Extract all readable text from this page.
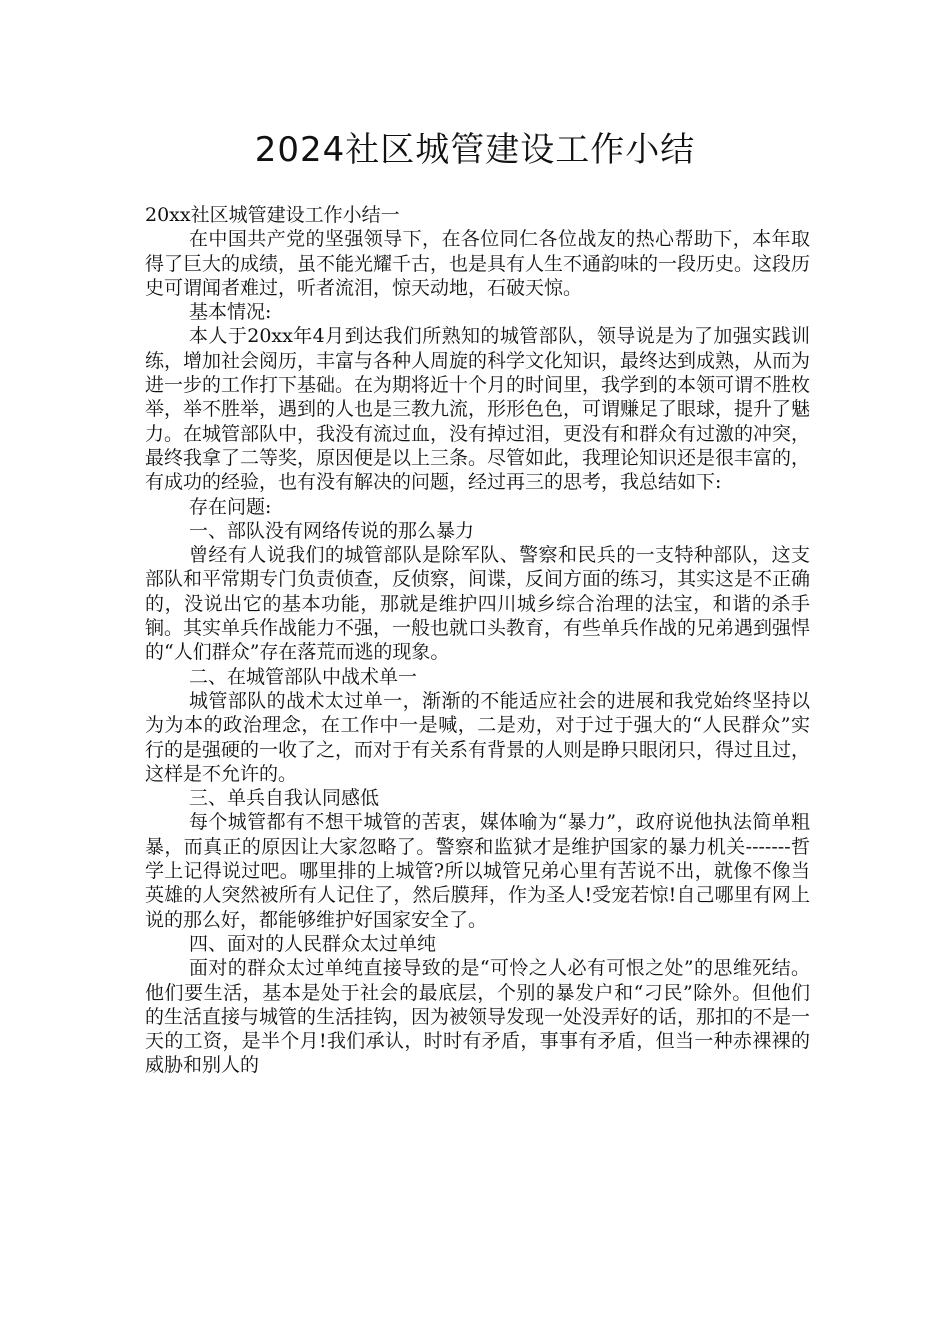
2024社区城管建设工作小结

20xx社区城管建设工作小结一

在中国共产党的坚强领导下，在各位同仁各位战友的热心帮助下，本年取得了巨大的成绩，虽不能光耀千古，也是具有人生不通韵味的一段历史。这段历史可谓闻者难过，听者流泪，惊天动地，石破天惊。

基本情况:

本人于20xx年4月到达我们所熟知的城管部队，领导说是为了加强实践训练，增加社会阅历，丰富与各种人周旋的科学文化知识，最终达到成熟，从而为进一步的工作打下基础。在为期将近十个月的时间里，我学到的本领可谓不胜枚举，举不胜举，遇到的人也是三教九流，形形色色，可谓赚足了眼球，提升了魅力。在城管部队中，我没有流过血，没有掉过泪，更没有和群众有过激的冲突，最终我拿了二等奖，原因便是以上三条。尽管如此，我理论知识还是很丰富的，有成功的经验，也有没有解决的问题，经过再三的思考，我总结如下:

存在问题:

一、部队没有网络传说的那么暴力

曾经有人说我们的城管部队是除军队、警察和民兵的一支特种部队，这支部队和平常期专门负责侦查，反侦察，间谍，反间方面的练习，其实这是不正确的，没说出它的基本功能，那就是维护四川城乡综合治理的法宝，和谐的杀手锏。其实单兵作战能力不强，一般也就口头教育，有些单兵作战的兄弟遇到强悍的“人们群众”存在落荒而逃的现象。

二、在城管部队中战术单一

城管部队的战术太过单一，渐渐的不能适应社会的进展和我党始终坚持以为为本的政治理念，在工作中一是喊，二是劝，对于过于强大的“人民群众”实行的是强硬的一收了之，而对于有关系有背景的人则是睁只眼闭只，得过且过，这样是不允许的。

三、单兵自我认同感低

每个城管都有不想干城管的苦衷，媒体喻为“暴力”，政府说他执法简单粗暴，而真正的原因让大家忽略了。警察和监狱才是维护国家的暴力机关-------哲学上记得说过吧。哪里排的上城管?所以城管兄弟心里有苦说不出，就像不像当英雄的人突然被所有人记住了，然后膜拜，作为圣人!受宠若惊!自己哪里有网上说的那么好，都能够维护好国家安全了。

四、面对的人民群众太过单纯

面对的群众太过单纯直接导致的是“可怜之人必有可恨之处”的思维死结。他们要生活，基本是处于社会的最底层，个别的暴发户和“刁民”除外。但他们的生活直接与城管的生活挂钩，因为被领导发现一处没弄好的话，那扣的不是一天的工资，是半个月!我们承认，时时有矛盾，事事有矛盾，但当一种赤裸裸的威胁和别人的
